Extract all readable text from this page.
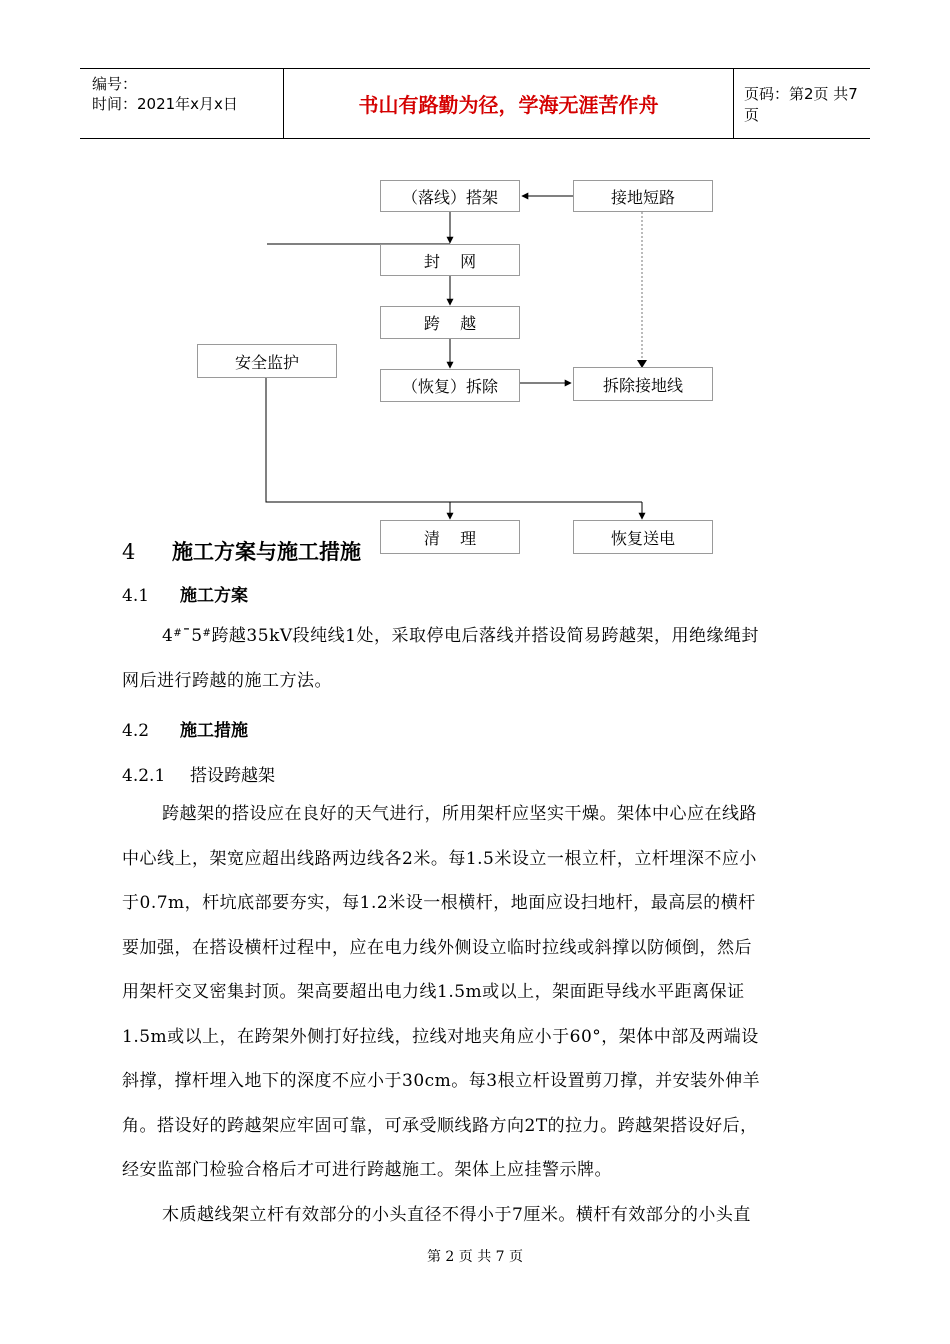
编号：
时间：2021年x月x日	书山有路勤为径，学海无涯苦作舟	页码：第2页 共7页
（落线）搭架	接地短路
封    网
跨    越
安全监护
（恢复）拆除	拆除接地线
清    理	恢复送电
4 施工方案与施工措施
4.1 施工方案
4#¯5#跨越35kV段纯线1处，采取停电后落线并搭设简易跨越架，用绝缘绳封
网后进行跨越的施工方法。
4.2 施工措施
4.2.1 搭设跨越架
跨越架的搭设应在良好的天气进行，所用架杆应坚实干燥。架体中心应在线路
中心线上，架宽应超出线路两边线各2米。每1.5米设立一根立杆，立杆埋深不应小
于0.7m，杆坑底部要夯实，每1.2米设一根横杆，地面应设扫地杆，最高层的横杆
要加强，在搭设横杆过程中，应在电力线外侧设立临时拉线或斜撑以防倾倒，然后
用架杆交叉密集封顶。架高要超出电力线1.5m或以上，架面距导线水平距离保证
1.5m或以上，在跨架外侧打好拉线，拉线对地夹角应小于60°，架体中部及两端设
斜撑，撑杆埋入地下的深度不应小于30cm。每3根立杆设置剪刀撑，并安装外伸羊
角。搭设好的跨越架应牢固可靠，可承受顺线路方向2T的拉力。跨越架搭设好后，
经安监部门检验合格后才可进行跨越施工。架体上应挂警示牌。
木质越线架立杆有效部分的小头直径不得小于7厘米。横杆有效部分的小头直
第 2 页 共 7 页
